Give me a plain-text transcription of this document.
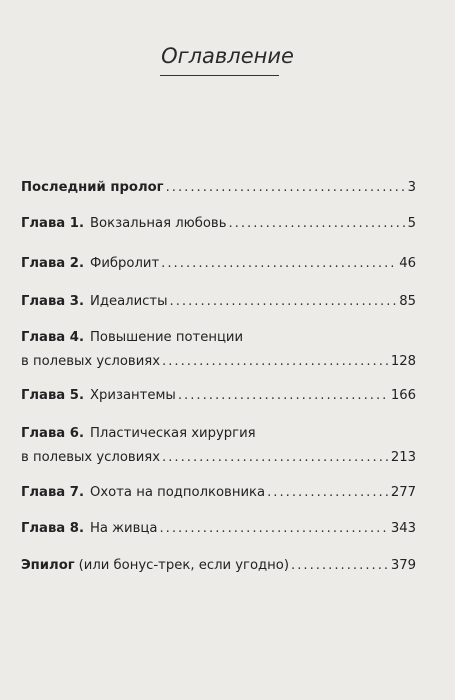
Оглавление
Последний пролог .....	3
Глава 1. Вокзальная любовь .....	5
Глава 2. Фибролит .....	46
Глава 3. Идеалисты .....	85
Глава 4. Повышение потенции
в полевых условиях .....	128
Глава 5. Хризантемы .....	166
Глава 6. Пластическая хирургия
в полевых условиях .....	213
Глава 7. Охота на подполковника .....	277
Глава 8. На живца .....	343
Эпилог (или бонус-трек, если угодно) .....	379
